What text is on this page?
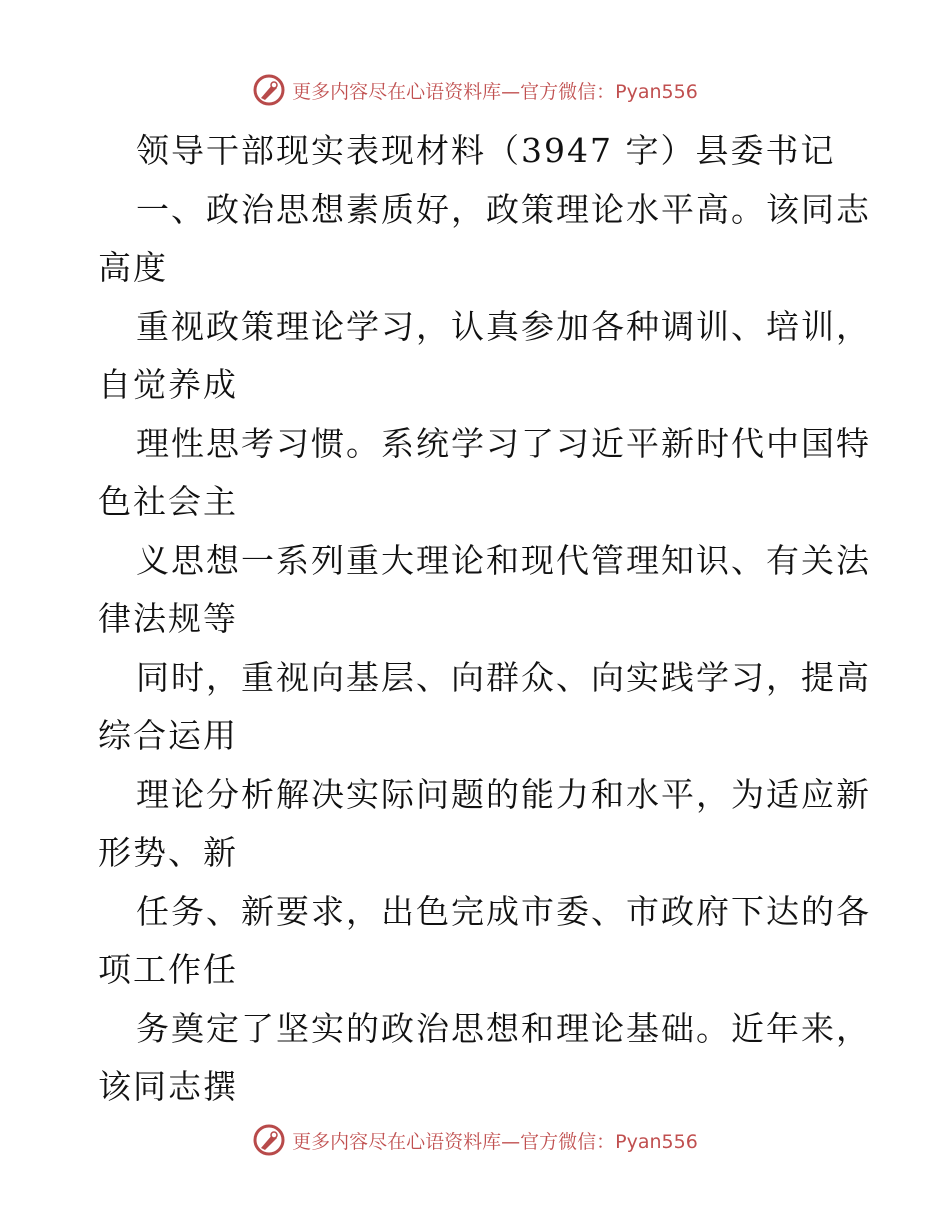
更多内容尽在心语资料库—官方微信：Pyan556
领导干部现实表现材料（3947 字）县委书记
一、政治思想素质好，政策理论水平高。该同志
高度
重视政策理论学习，认真参加各种调训、培训，
自觉养成
理性思考习惯。系统学习了习近平新时代中国特
色社会主
义思想一系列重大理论和现代管理知识、有关法
律法规等
同时，重视向基层、向群众、向实践学习，提高
综合运用
理论分析解决实际问题的能力和水平，为适应新
形势、新
任务、新要求，出色完成市委、市政府下达的各
项工作任
务奠定了坚实的政治思想和理论基础。近年来，
该同志撰
更多内容尽在心语资料库—官方微信：Pyan556
